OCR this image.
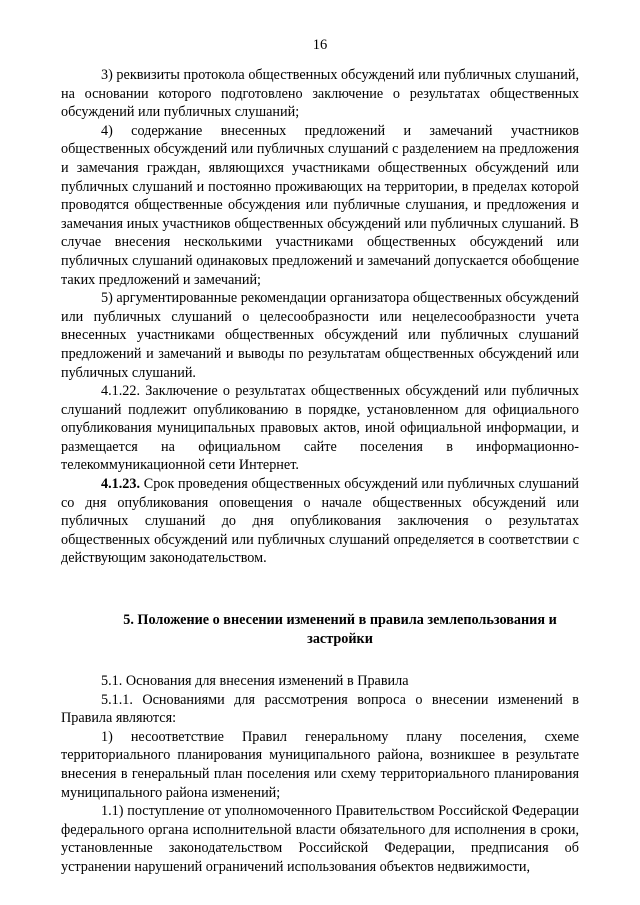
16

3) реквизиты протокола общественных обсуждений или публичных слушаний, на основании которого подготовлено заключение о результатах общественных обсуждений или публичных слушаний;

4) содержание внесенных предложений и замечаний участников общественных обсуждений или публичных слушаний с разделением на предложения и замечания граждан, являющихся участниками общественных обсуждений или публичных слушаний и постоянно проживающих на территории, в пределах которой проводятся общественные обсуждения или публичные слушания, и предложения и замечания иных участников общественных обсуждений или публичных слушаний. В случае внесения несколькими участниками общественных обсуждений или публичных слушаний одинаковых предложений и замечаний допускается обобщение таких предложений и замечаний;

5) аргументированные рекомендации организатора общественных обсуждений или публичных слушаний о целесообразности или нецелесообразности учета внесенных участниками общественных обсуждений или публичных слушаний предложений и замечаний и выводы по результатам общественных обсуждений или публичных слушаний.

4.1.22. Заключение о результатах общественных обсуждений или публичных слушаний подлежит опубликованию в порядке, установленном для официального опубликования муниципальных правовых актов, иной официальной информации, и размещается на официальном сайте поселения в информационно-телекоммуникационной сети Интернет.

4.1.23. Срок проведения общественных обсуждений или публичных слушаний со дня опубликования оповещения о начале общественных обсуждений или публичных слушаний до дня опубликования заключения о результатах общественных обсуждений или публичных слушаний определяется в соответствии с действующим законодательством.

5. Положение о внесении изменений в правила землепользования и
застройки

5.1. Основания для внесения изменений в Правила

5.1.1. Основаниями для рассмотрения вопроса о внесении изменений в Правила являются:

1) несоответствие Правил генеральному плану поселения, схеме территориального планирования муниципального района, возникшее в результате внесения в генеральный план поселения или схему территориального планирования муниципального района изменений;

1.1) поступление от уполномоченного Правительством Российской Федерации федерального органа исполнительной власти обязательного для исполнения в сроки, установленные законодательством Российской Федерации, предписания об устранении нарушений ограничений использования объектов недвижимости,
